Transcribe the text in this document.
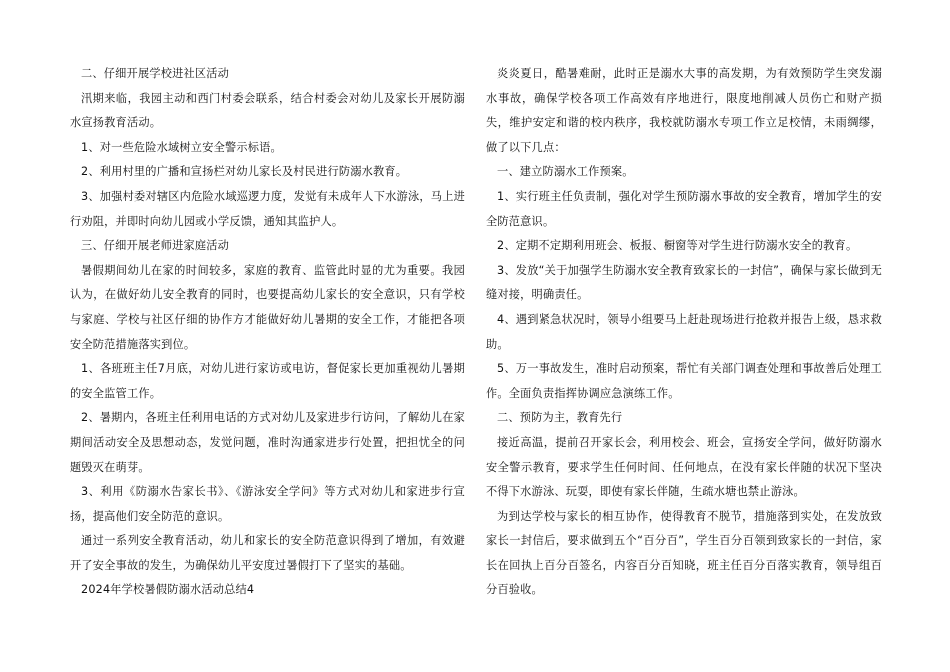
二、仔细开展学校进社区活动

汛期来临，我园主动和西门村委会联系，结合村委会对幼儿及家长开展防溺水宣扬教育活动。

1、对一些危险水域树立安全警示标语。

2、利用村里的广播和宣扬栏对幼儿家长及村民进行防溺水教育。

3、加强村委对辖区内危险水域巡逻力度，发觉有未成年人下水游泳，马上进行劝阻，并即时向幼儿园或小学反馈，通知其监护人。

三、仔细开展老师进家庭活动

暑假期间幼儿在家的时间较多，家庭的教育、监管此时显的尤为重要。我园认为，在做好幼儿安全教育的同时，也要提高幼儿家长的安全意识，只有学校与家庭、学校与社区仔细的协作方才能做好幼儿暑期的安全工作，才能把各项安全防范措施落实到位。

1、各班班主任7月底，对幼儿进行家访或电访，督促家长更加重视幼儿暑期的安全监管工作。

2、暑期内，各班主任利用电话的方式对幼儿及家进步行访问，了解幼儿在家期间活动安全及思想动态，发觉问题，准时沟通家进步行处置，把担忧全的问题毁灭在萌芽。

3、利用《防溺水告家长书》、《游泳安全学问》等方式对幼儿和家进步行宣扬，提高他们安全防范的意识。

通过一系列安全教育活动，幼儿和家长的安全防范意识得到了增加，有效避开了安全事故的发生，为确保幼儿平安度过暑假打下了坚实的基础。

2024年学校暑假防溺水活动总结4

炎炎夏日，酷暑难耐，此时正是溺水大事的高发期，为有效预防学生突发溺水事故，确保学校各项工作高效有序地进行，限度地削减人员伤亡和财产损失，维护安定和谐的校内秩序，我校就防溺水专项工作立足校情，未雨绸缪，做了以下几点：

一、建立防溺水工作预案。

1、实行班主任负责制，强化对学生预防溺水事故的安全教育，增加学生的安全防范意识。

2、定期不定期利用班会、板报、橱窗等对学生进行防溺水安全的教育。

3、发放“关于加强学生防溺水安全教育致家长的一封信”，确保与家长做到无缝对接，明确责任。

4、遇到紧急状况时，领导小组要马上赶赴现场进行抢救并报告上级，恳求救助。

5、万一事故发生，准时启动预案，帮忙有关部门调查处理和事故善后处理工作。全面负责指挥协调应急演练工作。

二、预防为主，教育先行

接近高温，提前召开家长会，利用校会、班会，宣扬安全学问，做好防溺水安全警示教育，要求学生任何时间、任何地点，在没有家长伴随的状况下坚决不得下水游泳、玩耍，即使有家长伴随，生疏水塘也禁止游泳。

为到达学校与家长的相互协作，使得教育不脱节，措施落到实处，在发放致家长一封信后，要求做到五个“百分百”，学生百分百领到致家长的一封信，家长在回执上百分百签名，内容百分百知晓，班主任百分百落实教育，领导组百分百验收。
